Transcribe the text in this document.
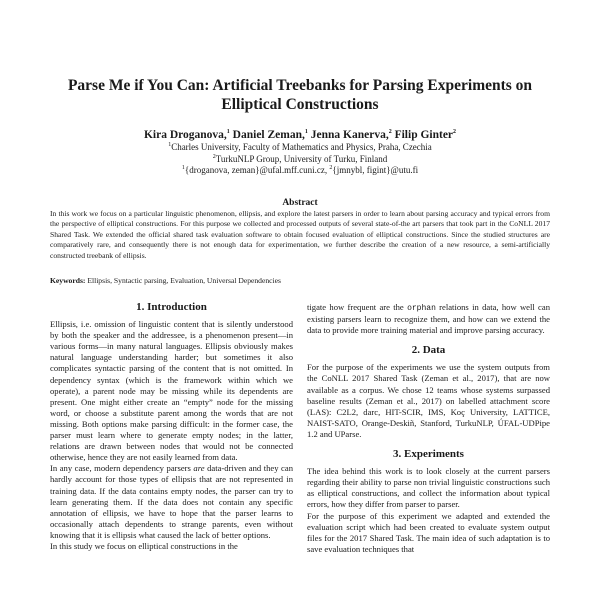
Parse Me if You Can: Artificial Treebanks for Parsing Experiments on Elliptical Constructions
Kira Droganova,$^1$ Daniel Zeman,$^1$ Jenna Kanerva,$^2$ Filip Ginter$^2$
$^1$Charles University, Faculty of Mathematics and Physics, Praha, Czechia
$^2$TurkuNLP Group, University of Turku, Finland
$^1${droganova, zeman}@ufal.mff.cuni.cz, $^2${jmnybl, figint}@utu.fi
Abstract
In this work we focus on a particular linguistic phenomenon, ellipsis, and explore the latest parsers in order to learn about parsing accuracy and typical errors from the perspective of elliptical constructions. For this purpose we collected and processed outputs of several state-of-the art parsers that took part in the CoNLL 2017 Shared Task. We extended the official shared task evaluation software to obtain focused evaluation of elliptical constructions. Since the studied structures are comparatively rare, and consequently there is not enough data for experimentation, we further describe the creation of a new resource, a semi-artificially constructed treebank of ellipsis.
Keywords: Ellipsis, Syntactic parsing, Evaluation, Universal Dependencies
1. Introduction

Ellipsis, i.e. omission of linguistic content that is silently understood by both the speaker and the addressee, is a phenomenon present—in various forms—in many natural languages. Ellipsis obviously makes natural language understanding harder; but sometimes it also complicates syntactic parsing of the content that is not omitted. In dependency syntax (which is the framework within which we operate), a parent node may be missing while its dependents are present. One might either create an “empty” node for the missing word, or choose a substitute parent among the words that are not missing. Both options make parsing difficult: in the former case, the parser must learn where to generate empty nodes; in the latter, relations are drawn between nodes that would not be connected otherwise, hence they are not easily learned from data.

In any case, modern dependency parsers are data-driven and they can hardly account for those types of ellipsis that are not represented in training data. If the data contains empty nodes, the parser can try to learn generating them. If the data does not contain any specific annotation of ellipsis, we have to hope that the parser learns to occasionally attach dependents to strange parents, even without knowing that it is ellipsis what caused the lack of better options.

In this study we focus on elliptical constructions in the

tigate how frequent are the orphan relations in data, how well can existing parsers learn to recognize them, and how can we extend the data to provide more training material and improve parsing accuracy.

2. Data

For the purpose of the experiments we use the system outputs from the CoNLL 2017 Shared Task (Zeman et al., 2017), that are now available as a corpus. We chose 12 teams whose systems surpassed baseline results (Zeman et al., 2017) on labelled attachment score (LAS): C2L2, darc, HIT-SCIR, IMS, Koç University, LATTICE, NAIST-SATO, Orange-Deskiñ, Stanford, TurkuNLP, ÚFAL-UDPipe 1.2 and UParse.

3. Experiments

The idea behind this work is to look closely at the current parsers regarding their ability to parse non trivial linguistic constructions such as elliptical constructions, and collect the information about typical errors, how they differ from parser to parser.

For the purpose of this experiment we adapted and extended the evaluation script which had been created to evaluate system output files for the 2017 Shared Task. The main idea of such adaptation is to save evaluation techniques that
